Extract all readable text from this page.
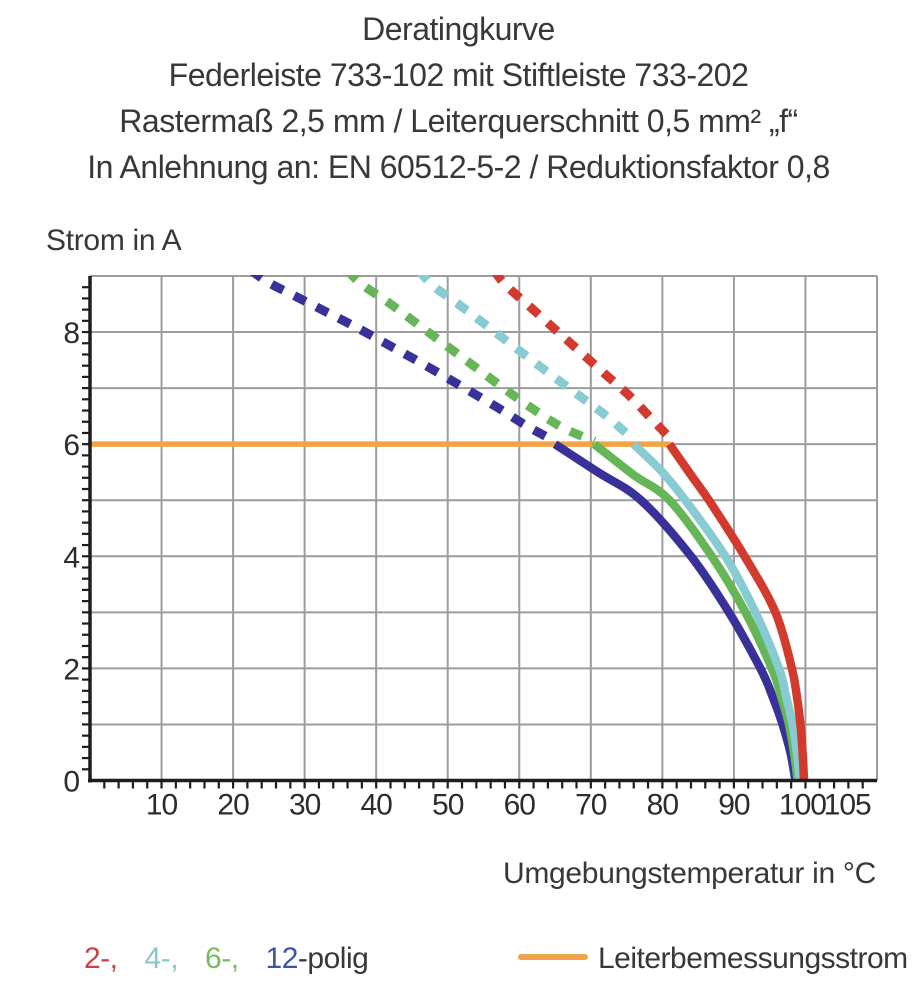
Deratingkurve
Federleiste 733-102 mit Stiftleiste 733-202
Rastermaß 2,5 mm / Leiterquerschnitt 0,5 mm² „f“
In Anlehnung an: EN 60512-5-2 / Reduktionsfaktor 0,8
Strom in A
Umgebungstemperatur in °C
10 20 30 40 50 60 70 80 90 100
105
0
2
4
6
8
2-, 4-, 6-, 12-polig	Leiterbemessungsstrom
